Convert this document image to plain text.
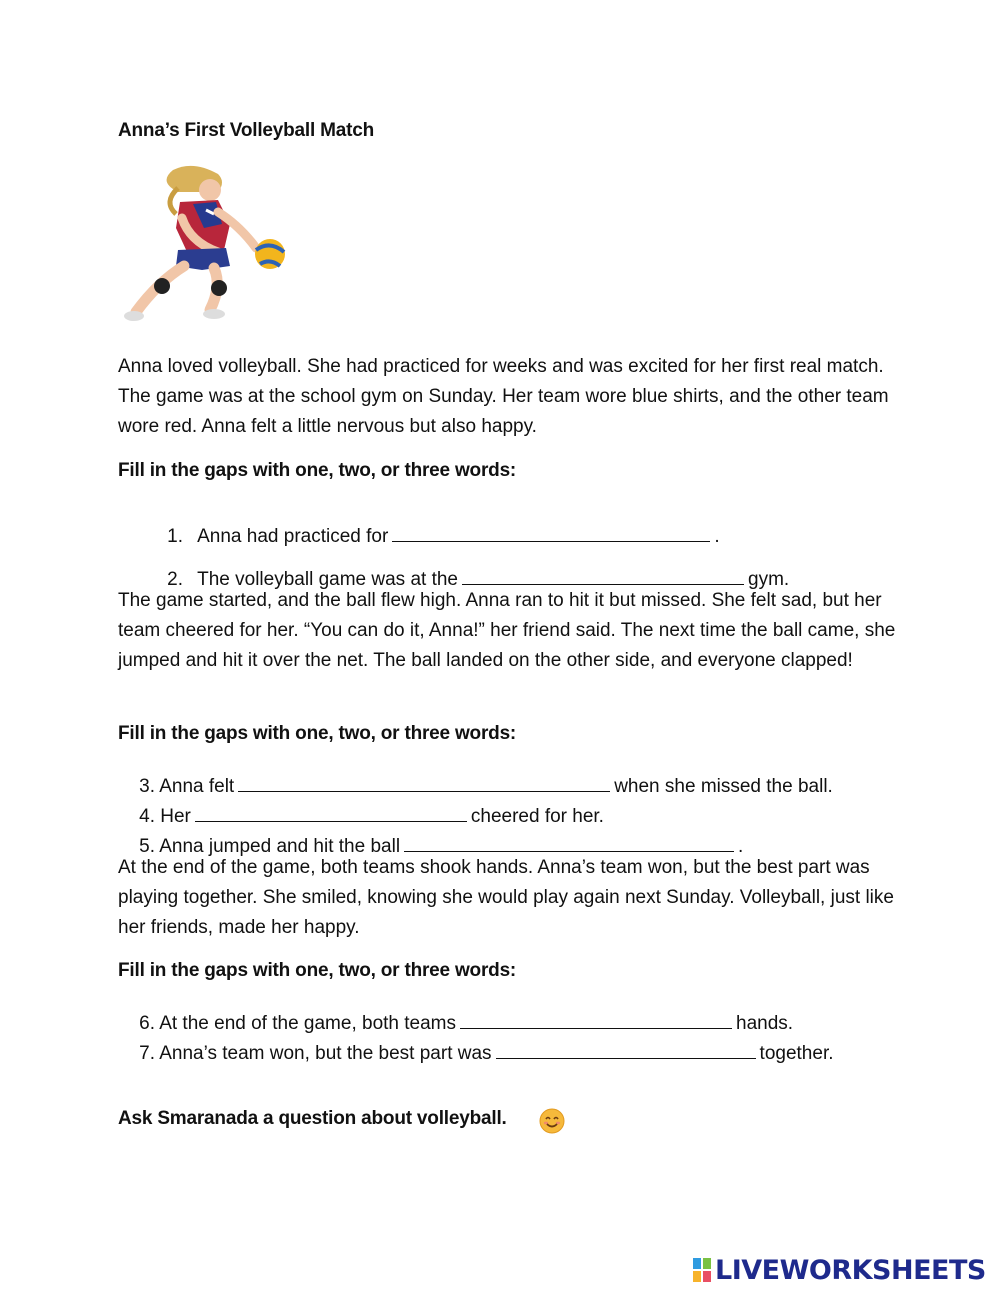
Anna’s First Volleyball Match

Anna loved volleyball. She had practiced for weeks and was excited for her first real match. The game was at the school gym on Sunday. Her team wore blue shirts, and the other team wore red. Anna felt a little nervous but also happy.

Fill in the gaps with one, two, or three words:

1. Anna had practiced for	.

2. The volleyball game was at the	gym.

The game started, and the ball flew high. Anna ran to hit it but missed. She felt sad, but her team cheered for her. “You can do it, Anna!” her friend said. The next time the ball came, she jumped and hit it over the net. The ball landed on the other side, and everyone clapped!

Fill in the gaps with one, two, or three words:

3. Anna felt	when she missed the ball.

4. Her	cheered for her.

5. Anna jumped and hit the ball	.

At the end of the game, both teams shook hands. Anna’s team won, but the best part was playing together. She smiled, knowing she would play again next Sunday. Volleyball, just like her friends, made her happy.

Fill in the gaps with one, two, or three words:

6. At the end of the game, both teams	hands.

7. Anna’s team won, but the best part was	together.

Ask Smaranada a question about volleyball.
LIVEWORKSHEETS
